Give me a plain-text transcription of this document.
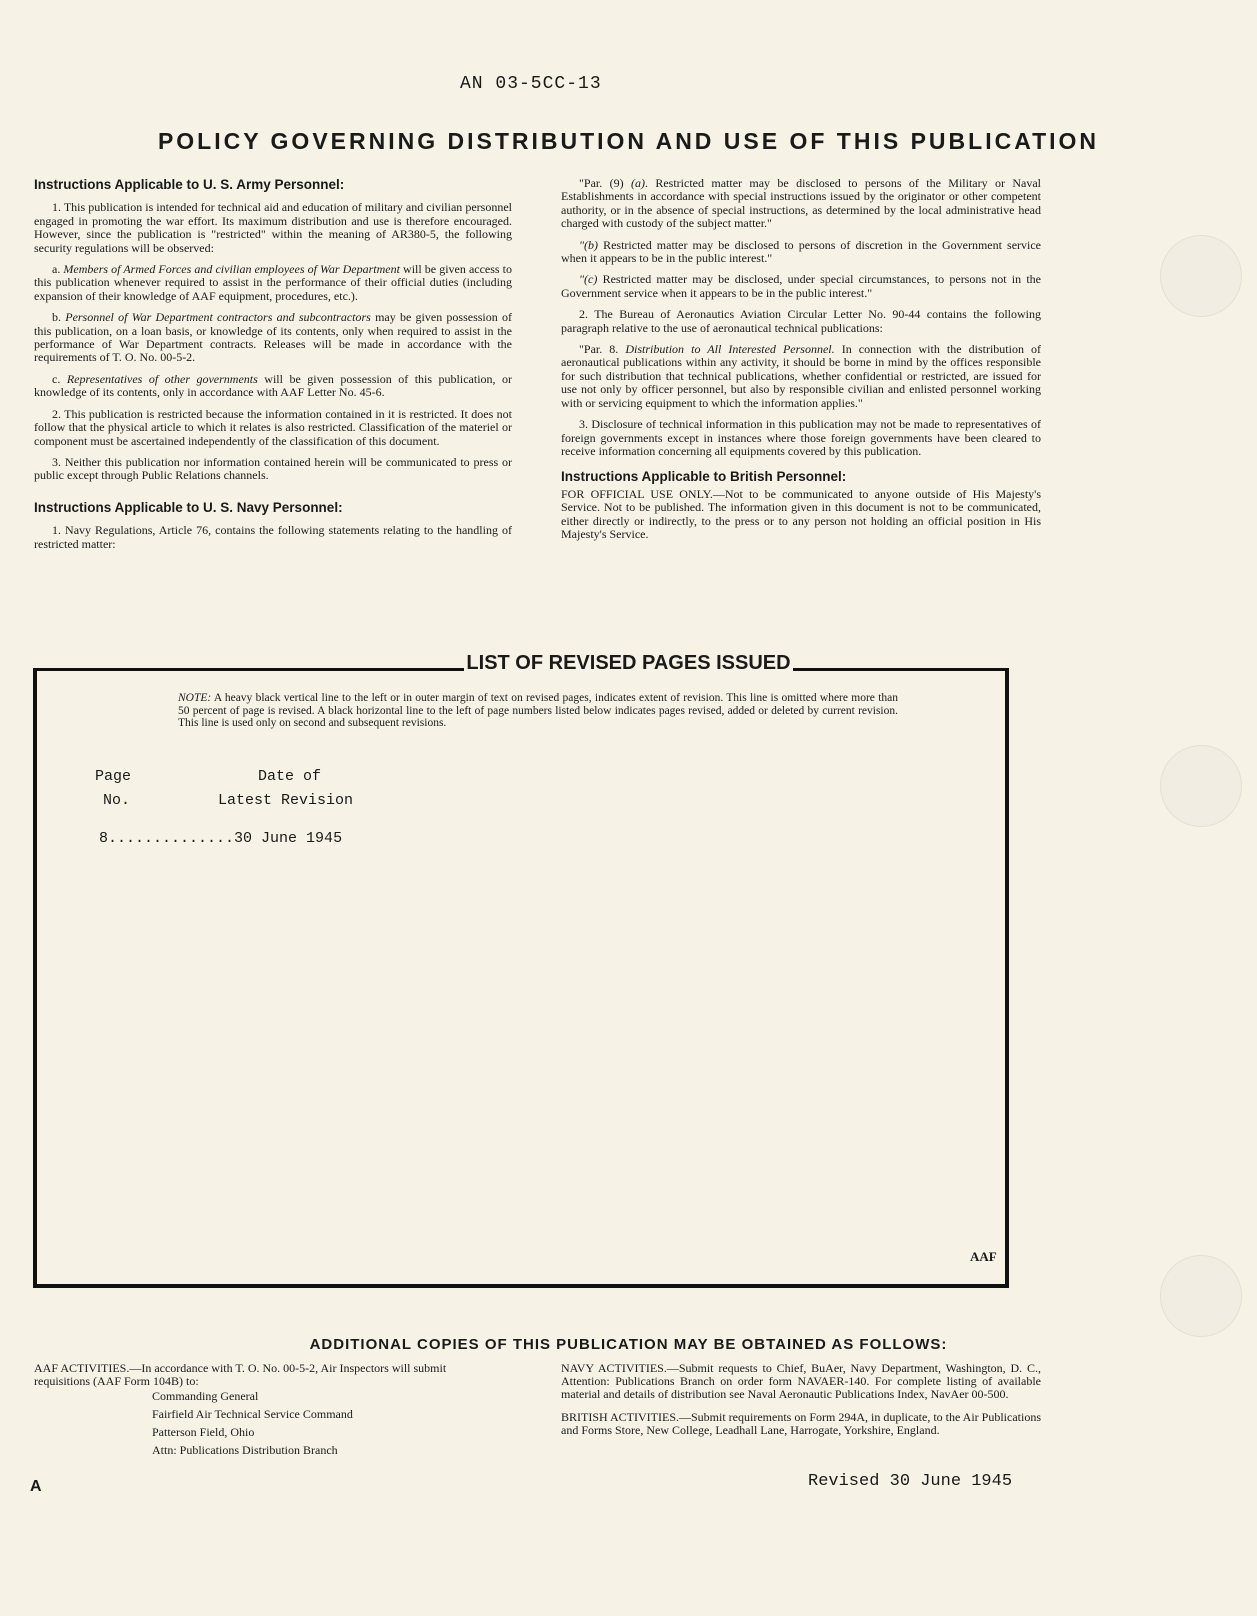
AN 03-5CC-13
POLICY GOVERNING DISTRIBUTION AND USE OF THIS PUBLICATION
Instructions Applicable to U. S. Army Personnel:

1. This publication is intended for technical aid and education of military and civilian personnel engaged in promoting the war effort. Its maximum distribution and use is therefore encouraged. However, since the publication is "restricted" within the meaning of AR380-5, the following security regulations will be observed:

a. Members of Armed Forces and civilian employees of War Department will be given access to this publication whenever required to assist in the performance of their official duties (including expansion of their knowledge of AAF equipment, procedures, etc.).

b. Personnel of War Department contractors and subcontractors may be given possession of this publication, on a loan basis, or knowledge of its contents, only when required to assist in the performance of War Department contracts. Releases will be made in accordance with the requirements of T. O. No. 00-5-2.

c. Representatives of other governments will be given possession of this publication, or knowledge of its contents, only in accordance with AAF Letter No. 45-6.

2. This publication is restricted because the information contained in it is restricted. It does not follow that the physical article to which it relates is also restricted. Classification of the materiel or component must be ascertained independently of the classification of this document.

3. Neither this publication nor information contained herein will be communicated to press or public except through Public Relations channels.

Instructions Applicable to U. S. Navy Personnel:

1. Navy Regulations, Article 76, contains the following statements relating to the handling of restricted matter:

"Par. (9) (a). Restricted matter may be disclosed to persons of the Military or Naval Establishments in accordance with special instructions issued by the originator or other competent authority, or in the absence of special instructions, as determined by the local administrative head charged with custody of the subject matter."

"(b) Restricted matter may be disclosed to persons of discretion in the Government service when it appears to be in the public interest."

"(c) Restricted matter may be disclosed, under special circumstances, to persons not in the Government service when it appears to be in the public interest."

2. The Bureau of Aeronautics Aviation Circular Letter No. 90-44 contains the following paragraph relative to the use of aeronautical technical publications:

"Par. 8. Distribution to All Interested Personnel. In connection with the distribution of aeronautical publications within any activity, it should be borne in mind by the offices responsible for such distribution that technical publications, whether confidential or restricted, are issued for use not only by officer personnel, but also by responsible civilian and enlisted personnel working with or servicing equipment to which the information applies."

3. Disclosure of technical information in this publication may not be made to representatives of foreign governments except in instances where those foreign governments have been cleared to receive information concerning all equipments covered by this publication.

Instructions Applicable to British Personnel:

FOR OFFICIAL USE ONLY.—Not to be communicated to anyone outside of His Majesty's Service. Not to be published. The information given in this document is not to be communicated, either directly or indirectly, to the press or to any person not holding an official position in His Majesty's Service.

LIST OF REVISED PAGES ISSUED
NOTE: A heavy black vertical line to the left or in outer margin of text on revised pages, indicates extent of revision. This line is omitted where more than 50 percent of page is revised. A black horizontal line to the left of page numbers listed below indicates pages revised, added or deleted by current revision. This line is used only on second and subsequent revisions.
Page
No.
Date of
Latest Revision
8..............30 June 1945
AAF
ADDITIONAL COPIES OF THIS PUBLICATION MAY BE OBTAINED AS FOLLOWS:
AAF ACTIVITIES.—In accordance with T. O. No. 00-5-2, Air Inspectors will submit requisitions (AAF Form 104B) to:
Commanding General
Fairfield Air Technical Service Command
Patterson Field, Ohio
Attn: Publications Distribution Branch
NAVY ACTIVITIES.—Submit requests to Chief, BuAer, Navy Department, Washington, D. C., Attention: Publications Branch on order form NAVAER-140. For complete listing of available material and details of distribution see Naval Aeronautic Publications Index, NavAer 00-500.
BRITISH ACTIVITIES.—Submit requirements on Form 294A, in duplicate, to the Air Publications and Forms Store, New College, Leadhall Lane, Harrogate, Yorkshire, England.
A	Revised 30 June 1945
